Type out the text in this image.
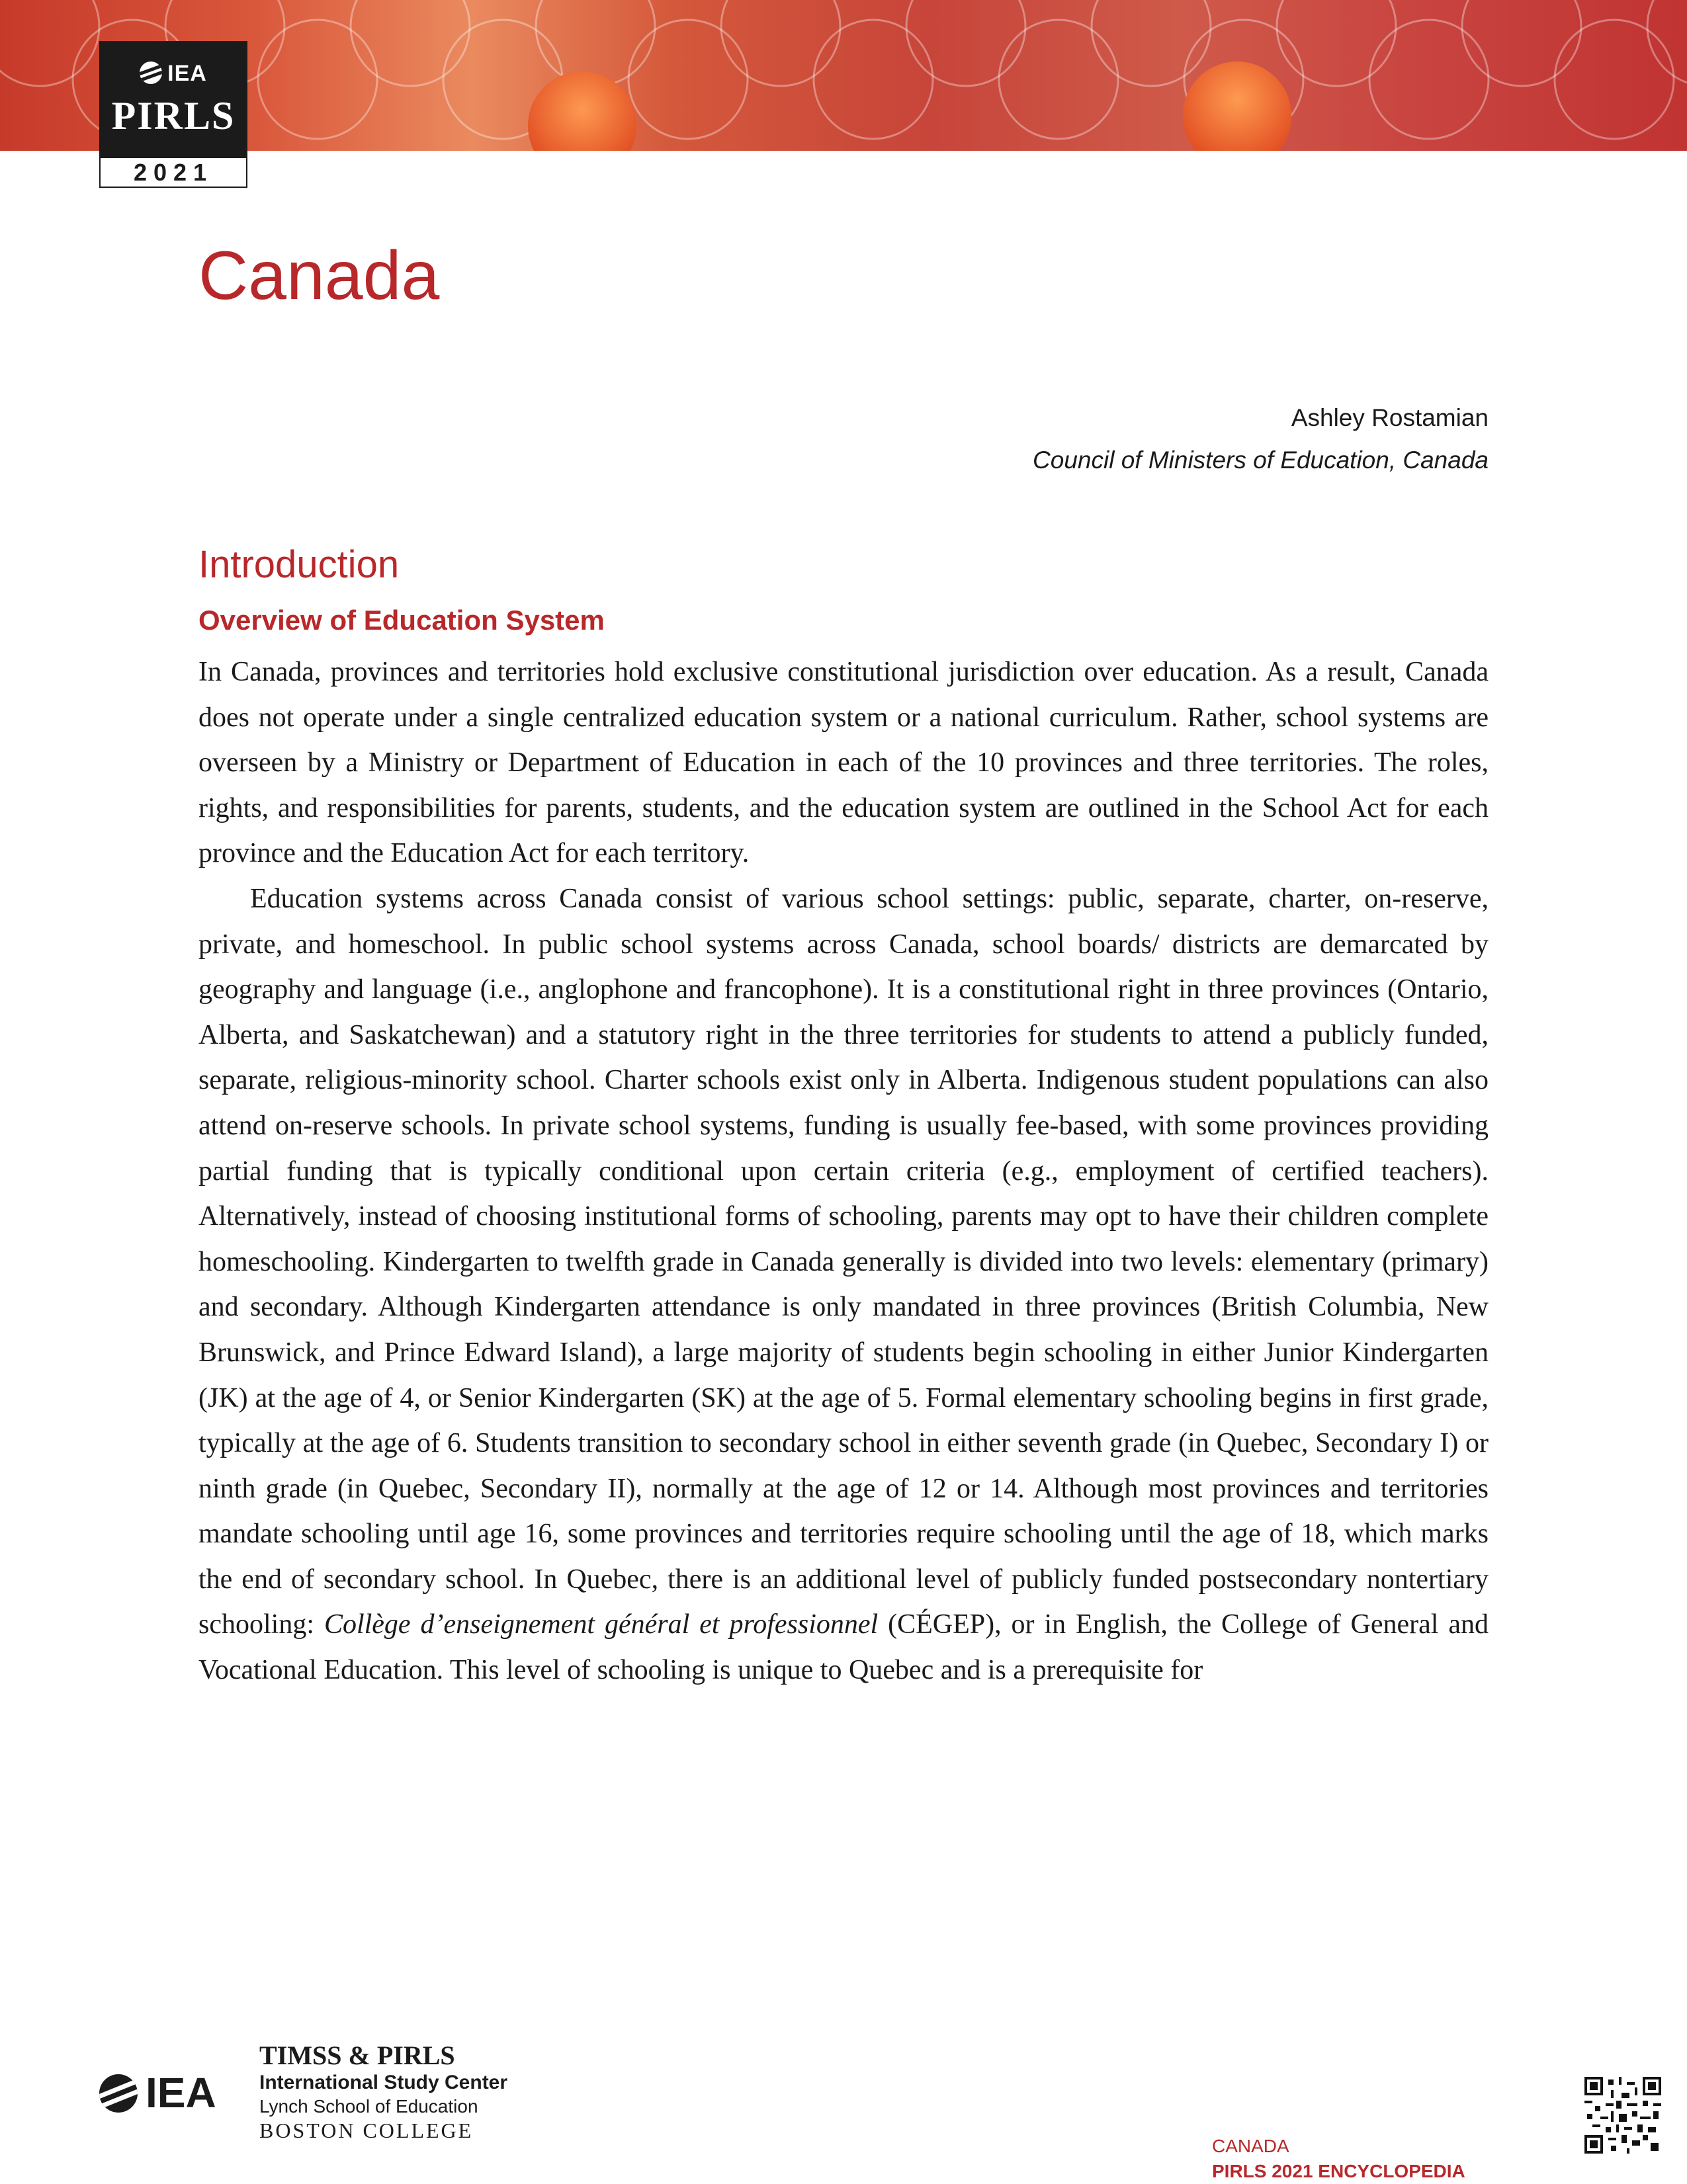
IEA
PIRLS
2021
Canada
Ashley Rostamian
Council of Ministers of Education, Canada
Introduction
Overview of Education System

In Canada, provinces and territories hold exclusive constitutional jurisdiction over education. As a result, Canada does not operate under a single centralized education system or a national curriculum. Rather, school systems are overseen by a Ministry or Department of Education in each of the 10 provinces and three territories. The roles, rights, and responsibilities for parents, students, and the education system are outlined in the School Act for each province and the Education Act for each territory.

Education systems across Canada consist of various school settings: public, separate, charter, on-reserve, private, and homeschool. In public school systems across Canada, school boards/ districts are demarcated by geography and language (i.e., anglophone and francophone). It is a constitutional right in three provinces (Ontario, Alberta, and Saskatchewan) and a statutory right in the three territories for students to attend a publicly funded, separate, religious-minority school. Charter schools exist only in Alberta. Indigenous student populations can also attend on-reserve schools. In private school systems, funding is usually fee-based, with some provinces providing partial funding that is typically conditional upon certain criteria (e.g., employment of certified teachers). Alternatively, instead of choosing institutional forms of schooling, parents may opt to have their children complete homeschooling. Kindergarten to twelfth grade in Canada generally is divided into two levels: elementary (primary) and secondary. Although Kindergarten attendance is only mandated in three provinces (British Columbia, New Brunswick, and Prince Edward Island), a large majority of students begin schooling in either Junior Kindergarten (JK) at the age of 4, or Senior Kindergarten (SK) at the age of 5. Formal elementary schooling begins in first grade, typically at the age of 6. Students transition to secondary school in either seventh grade (in Quebec, Secondary I) or ninth grade (in Quebec, Secondary II), normally at the age of 12 or 14. Although most provinces and territories mandate schooling until age 16, some provinces and territories require schooling until the age of 18, which marks the end of secondary school. In Quebec, there is an additional level of publicly funded postsecondary nontertiary schooling: Collège d’enseignement général et professionnel (CÉGEP), or in English, the College of General and Vocational Education. This level of schooling is unique to Quebec and is a prerequisite for

IEA
TIMSS & PIRLS
International Study Center
Lynch School of Education
BOSTON COLLEGE
CANADA
PIRLS 2021 ENCYCLOPEDIA
